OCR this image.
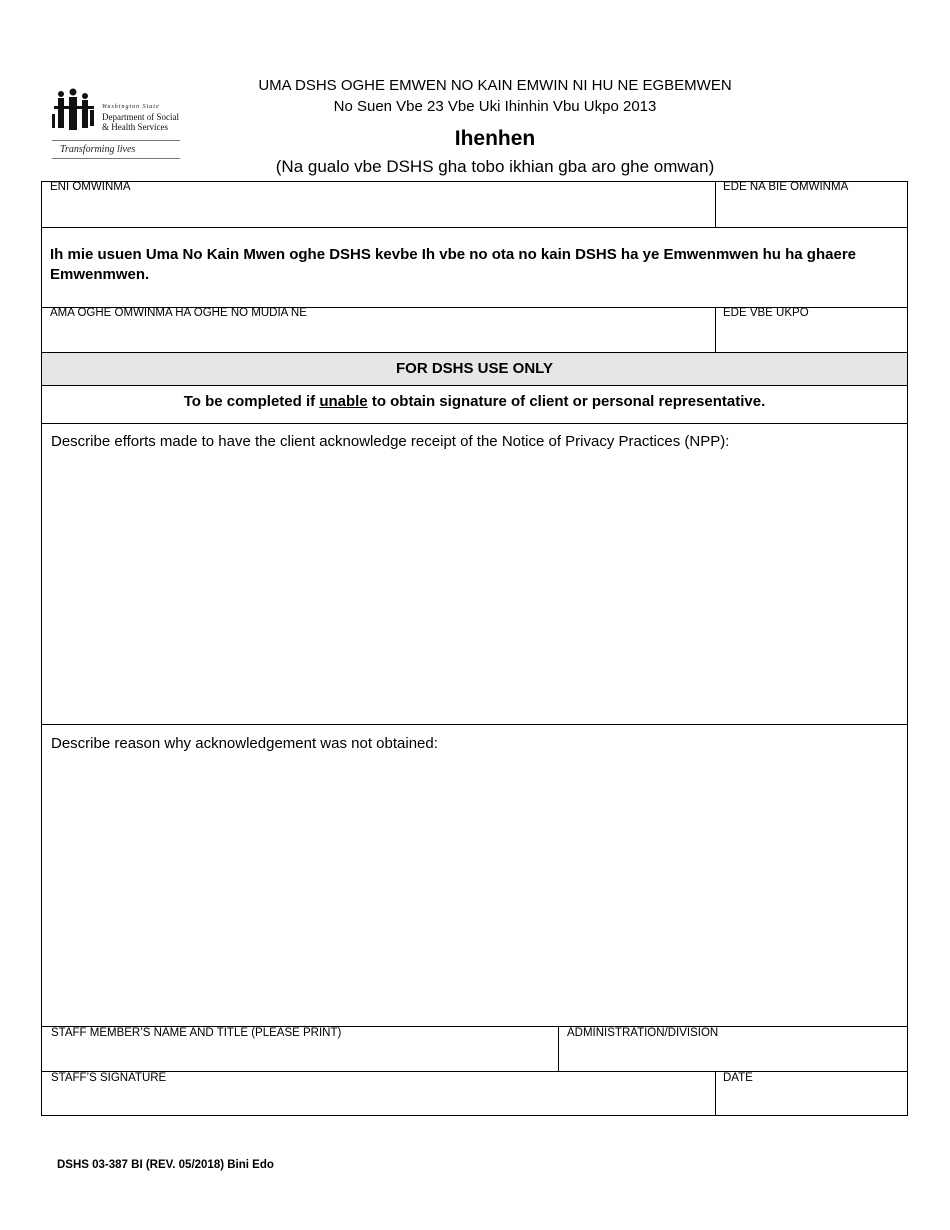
Washington State
Department of Social
& Health Services
Transforming lives
UMA DSHS OGHE EMWEN NO KAIN EMWIN NI HU NE EGBEMWEN
No Suen Vbe 23 Vbe Uki Ihinhin Vbu Ukpo 2013
Ihenhen
(Na gualo vbe DSHS gha tobo ikhian gba aro ghe omwan)
ENI OMWINMA	EDE NA BIE OMWINMA
Ih mie usuen Uma No Kain Mwen oghe DSHS kevbe Ih vbe no ota no kain DSHS ha ye Emwenmwen hu ha ghaere Emwenmwen.
AMA OGHE OMWINMA HA OGHE NO MUDIA NE	EDE VBE UKPO
FOR DSHS USE ONLY
To be completed if unable to obtain signature of client or personal representative.
Describe efforts made to have the client acknowledge receipt of the Notice of Privacy Practices (NPP):
Describe reason why acknowledgement was not obtained:
STAFF MEMBER’S NAME AND TITLE (PLEASE PRINT)	ADMINISTRATION/DIVISION
STAFF’S SIGNATURE	DATE
DSHS 03-387 BI (REV. 05/2018) Bini Edo
